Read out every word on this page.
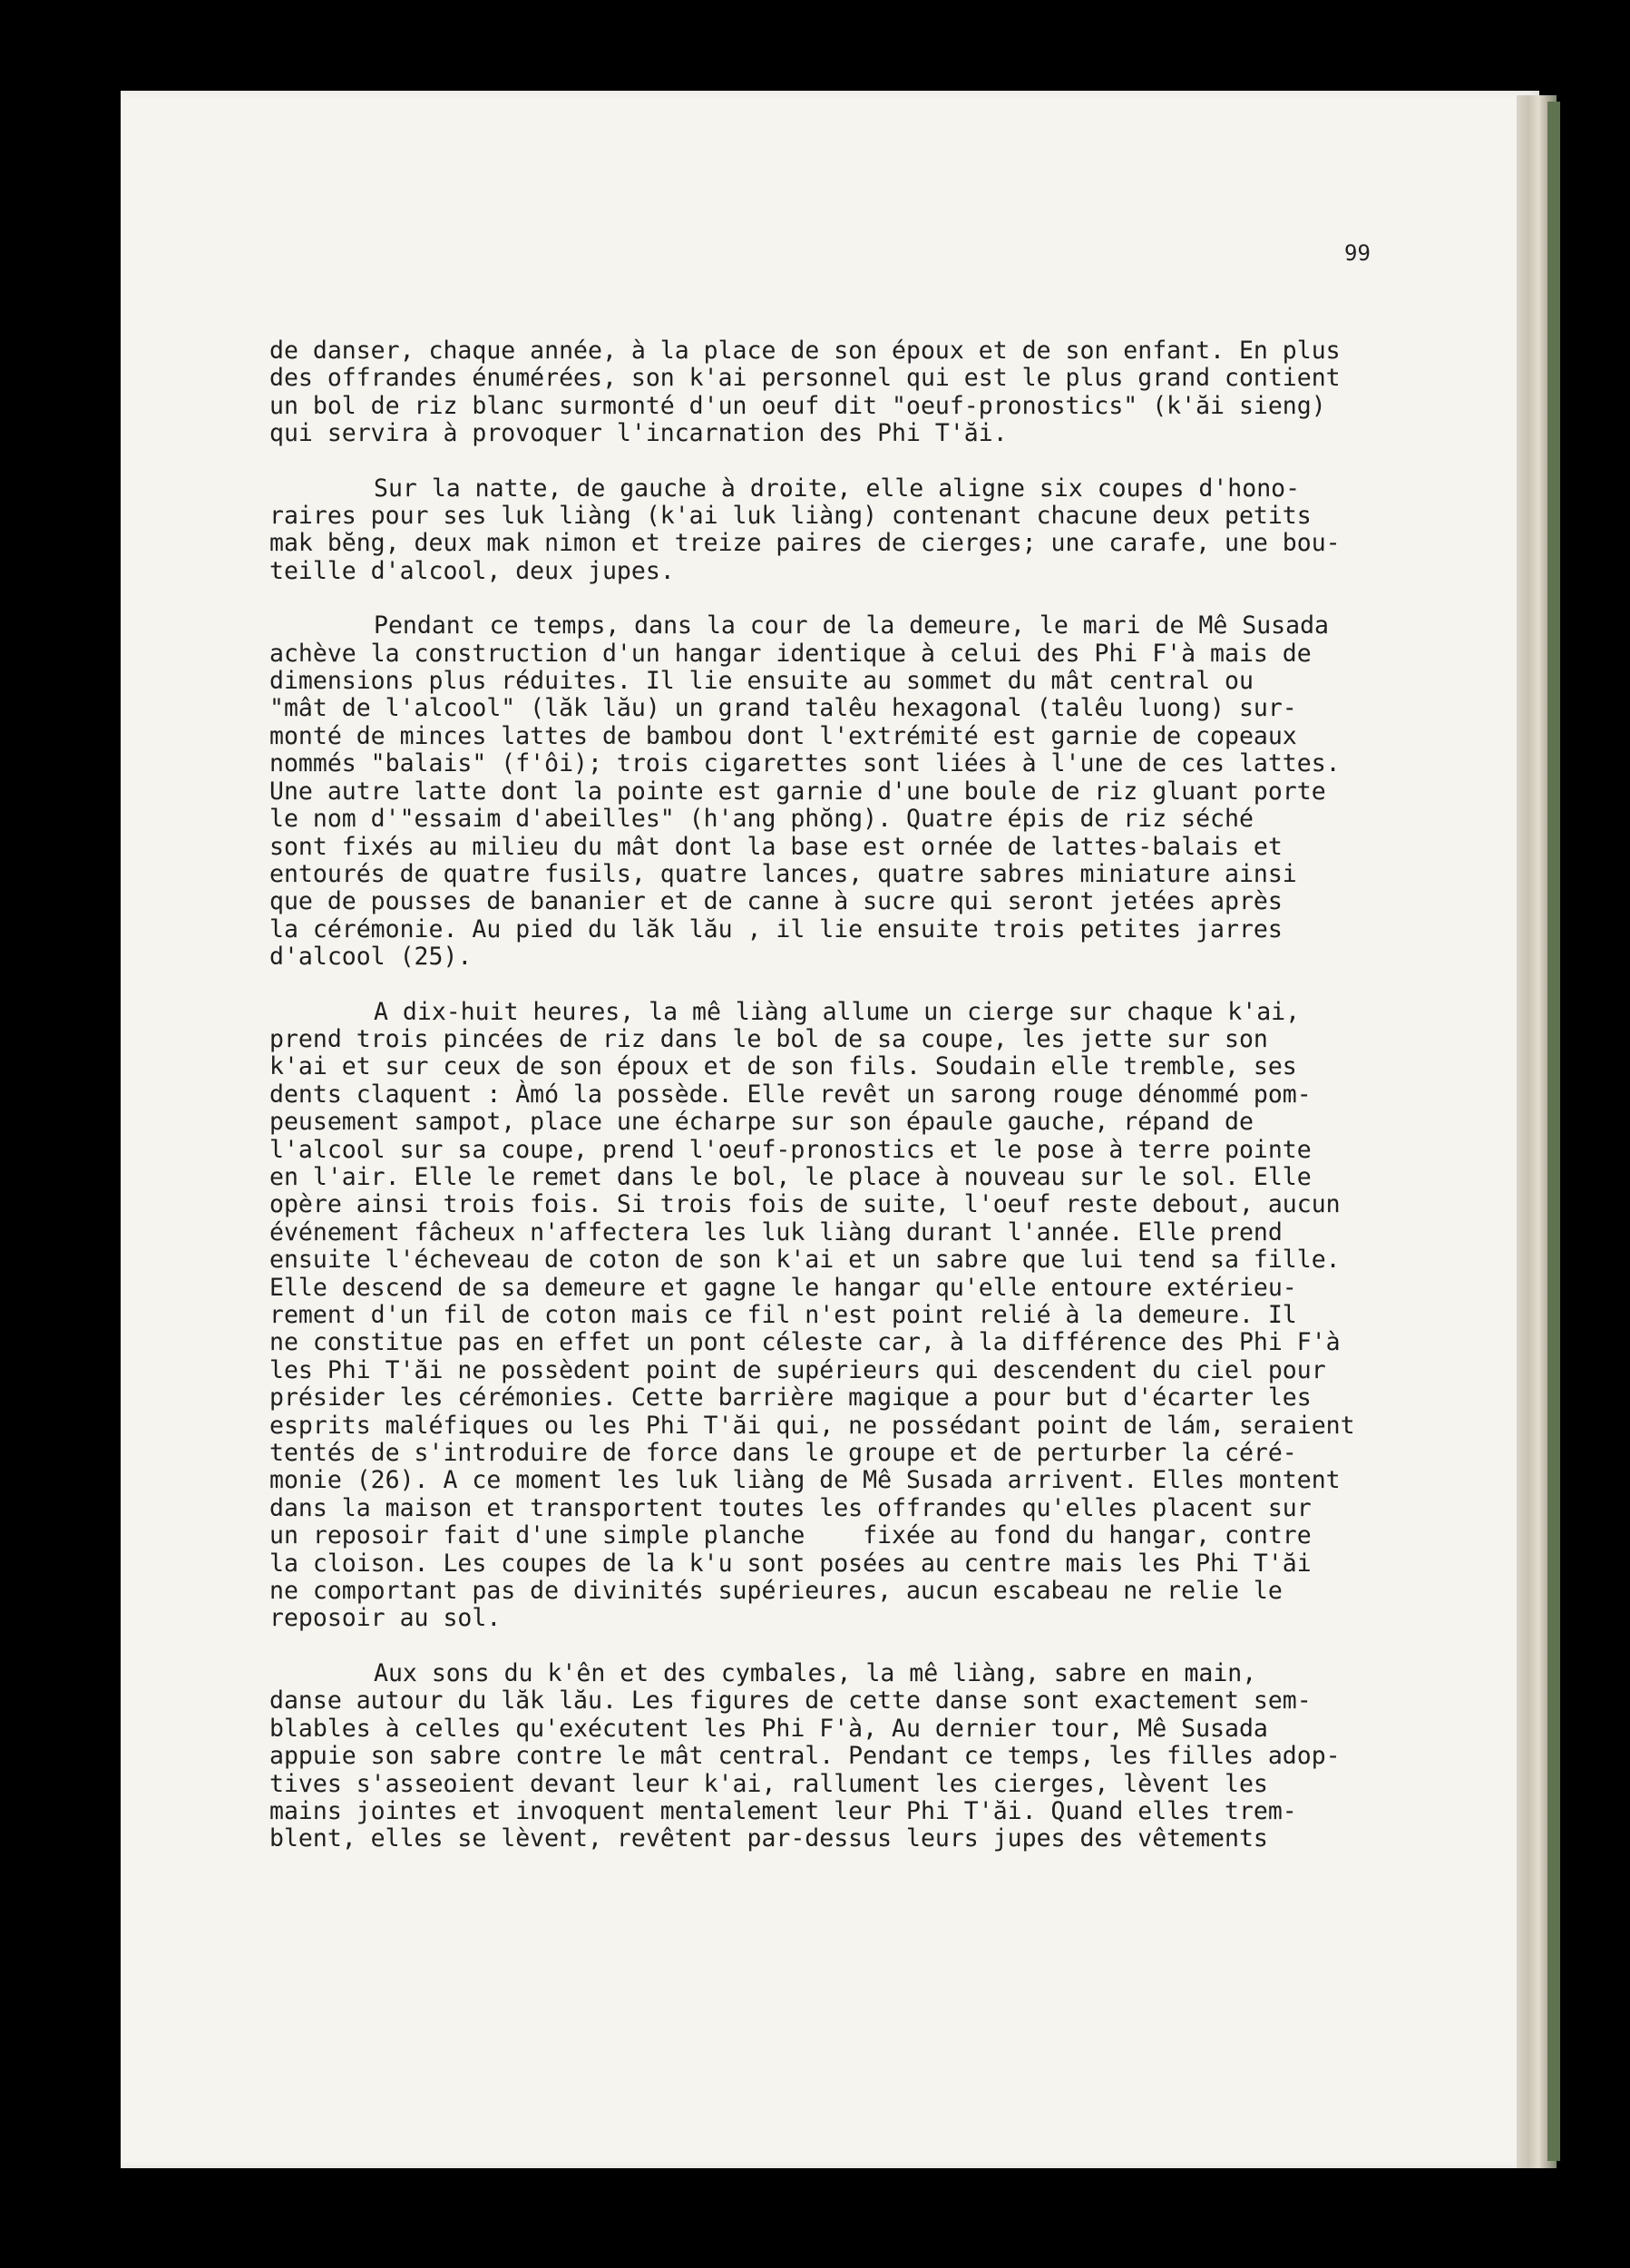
99

de danser, chaque année, à la place de son époux et de son enfant. En plus
des offrandes énumérées, son k'ai personnel qui est le plus grand contient
un bol de riz blanc surmonté d'un oeuf dit "oeuf-pronostics" (k'ăi sieng)
qui servira à provoquer l'incarnation des Phi T'ăi.

Sur la natte, de gauche à droite, elle aligne six coupes d'hono-
raires pour ses luk liàng (k'ai luk liàng) contenant chacune deux petits
mak bĕng, deux mak nimon et treize paires de cierges; une carafe, une bou-
teille d'alcool, deux jupes.

Pendant ce temps, dans la cour de la demeure, le mari de Mê Susada
achève la construction d'un hangar identique à celui des Phi F'à mais de
dimensions plus réduites. Il lie ensuite au sommet du mât central ou
"mât de l'alcool" (lăk lău) un grand talêu hexagonal (talêu luong) sur-
monté de minces lattes de bambou dont l'extrémité est garnie de copeaux
nommés "balais" (f'ôi); trois cigarettes sont liées à l'une de ces lattes.
Une autre latte dont la pointe est garnie d'une boule de riz gluant porte
le nom d'"essaim d'abeilles" (h'ang phŏng). Quatre épis de riz séché
sont fixés au milieu du mât dont la base est ornée de lattes-balais et
entourés de quatre fusils, quatre lances, quatre sabres miniature ainsi
que de pousses de bananier et de canne à sucre qui seront jetées après
la cérémonie. Au pied du lăk lău , il lie ensuite trois petites jarres
d'alcool (25).

A dix-huit heures, la mê liàng allume un cierge sur chaque k'ai,
prend trois pincées de riz dans le bol de sa coupe, les jette sur son
k'ai et sur ceux de son époux et de son fils. Soudain elle tremble, ses
dents claquent : Àmó la possède. Elle revêt un sarong rouge dénommé pom-
peusement sampot, place une écharpe sur son épaule gauche, répand de
l'alcool sur sa coupe, prend l'oeuf-pronostics et le pose à terre pointe
en l'air. Elle le remet dans le bol, le place à nouveau sur le sol. Elle
opère ainsi trois fois. Si trois fois de suite, l'oeuf reste debout, aucun
événement fâcheux n'affectera les luk liàng durant l'année. Elle prend
ensuite l'écheveau de coton de son k'ai et un sabre que lui tend sa fille.
Elle descend de sa demeure et gagne le hangar qu'elle entoure extérieu-
rement d'un fil de coton mais ce fil n'est point relié à la demeure. Il
ne constitue pas en effet un pont céleste car, à la différence des Phi F'à
les Phi T'ăi ne possèdent point de supérieurs qui descendent du ciel pour
présider les cérémonies. Cette barrière magique a pour but d'écarter les
esprits maléfiques ou les Phi T'ăi qui, ne possédant point de lám, seraient
tentés de s'introduire de force dans le groupe et de perturber la céré-
monie (26). A ce moment les luk liàng de Mê Susada arrivent. Elles montent
dans la maison et transportent toutes les offrandes qu'elles placent sur
un reposoir fait d'une simple planche    fixée au fond du hangar, contre
la cloison. Les coupes de la k'u sont posées au centre mais les Phi T'ăi
ne comportant pas de divinités supérieures, aucun escabeau ne relie le
reposoir au sol.

Aux sons du k'ên et des cymbales, la mê liàng, sabre en main,
danse autour du lăk lău. Les figures de cette danse sont exactement sem-
blables à celles qu'exécutent les Phi F'à, Au dernier tour, Mê Susada
appuie son sabre contre le mât central. Pendant ce temps, les filles adop-
tives s'asseoient devant leur k'ai, rallument les cierges, lèvent les
mains jointes et invoquent mentalement leur Phi T'ăi. Quand elles trem-
blent, elles se lèvent, revêtent par-dessus leurs jupes des vêtements
